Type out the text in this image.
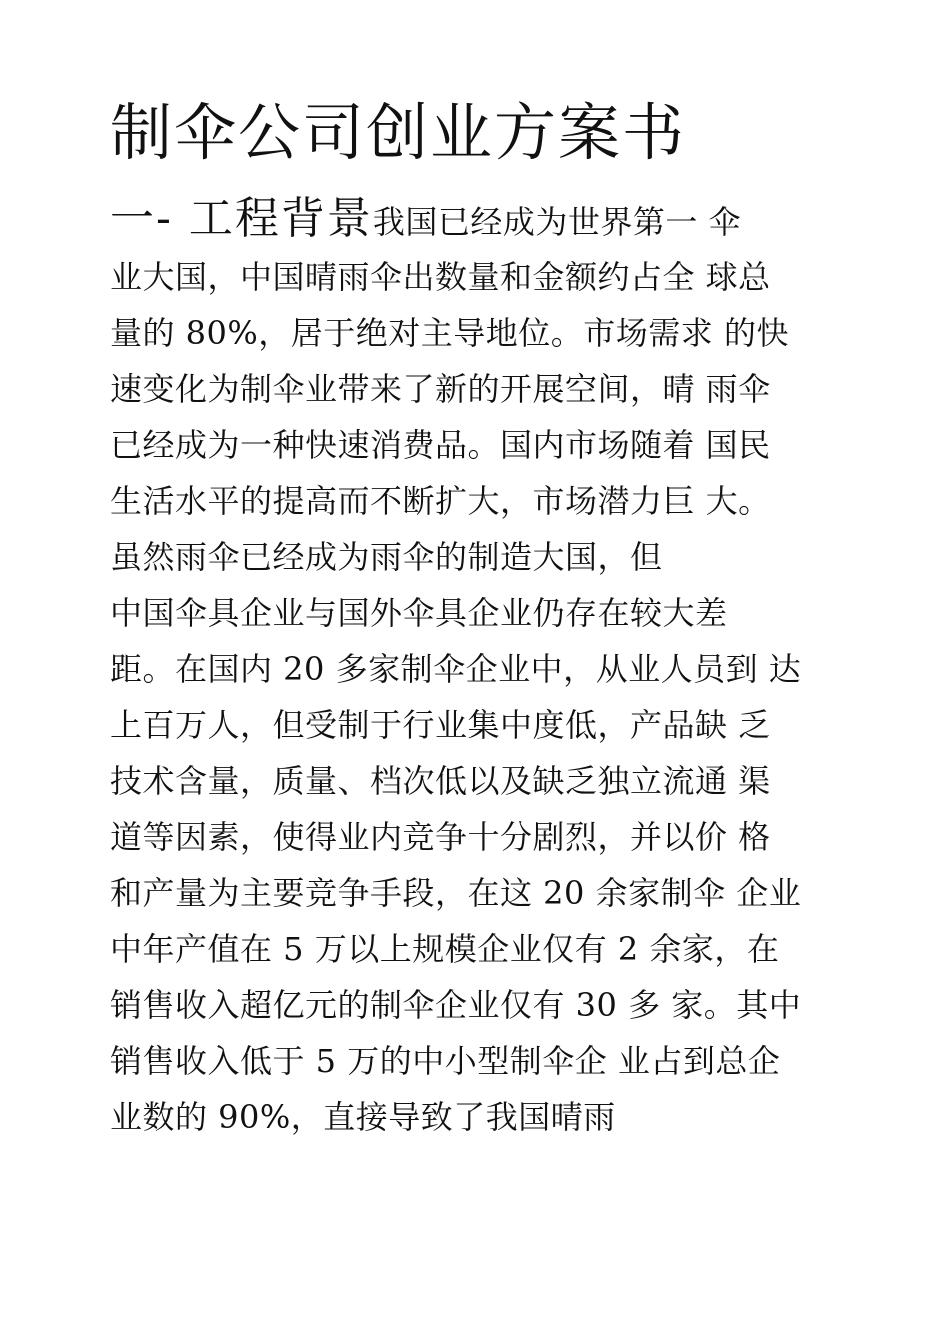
制伞公司创业方案书
一- 工程背景我国已经成为世界第一 伞
业大国，中国晴雨伞出数量和金额约占全 球总
量的 80%，居于绝对主导地位。市场需求 的快
速变化为制伞业带来了新的开展空间，晴 雨伞
已经成为一种快速消费品。国内市场随着 国民
生活水平的提高而不断扩大，市场潜力巨 大。
虽然雨伞已经成为雨伞的制造大国，但
中国伞具企业与国外伞具企业仍存在较大差
距。在国内 20 多家制伞企业中，从业人员到 达
上百万人，但受制于行业集中度低，产品缺 乏
技术含量，质量、档次低以及缺乏独立流通 渠
道等因素，使得业内竞争十分剧烈，并以价 格
和产量为主要竞争手段，在这 20 余家制伞 企业
中年产值在 5 万以上规模企业仅有 2 余家，在
销售收入超亿元的制伞企业仅有 30 多 家。其中
销售收入低于 5 万的中小型制伞企 业占到总企
业数的 90%，直接导致了我国晴雨
